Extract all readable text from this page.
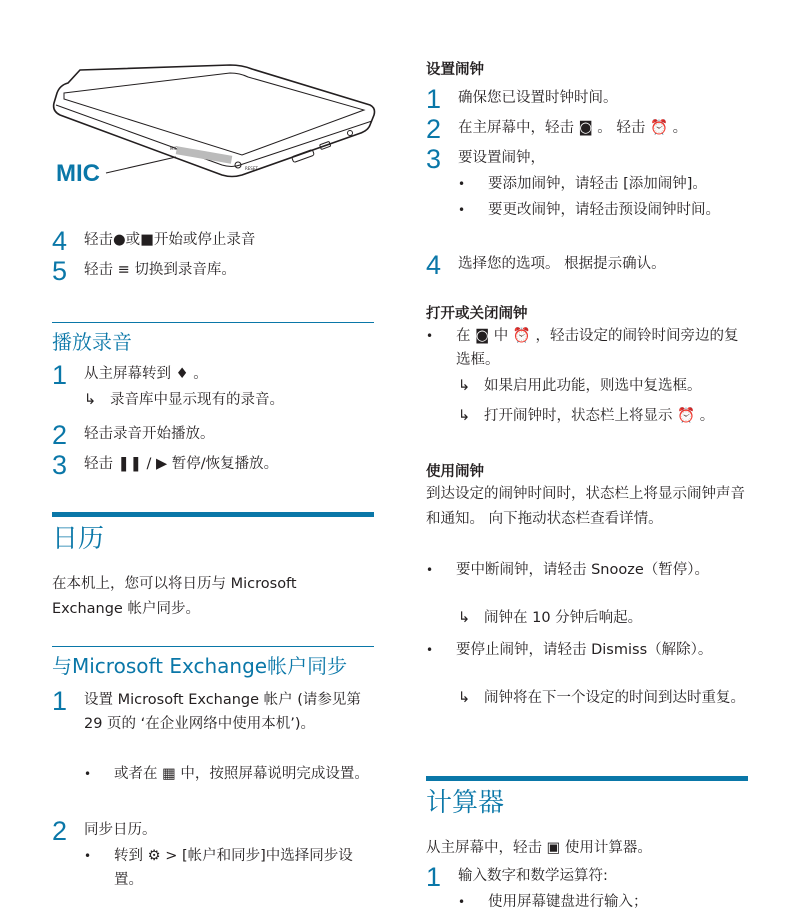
MIC
RESET
MIC
4	轻击●或■开始或停止录音
5	轻击 ≡ 切换到录音库。
播放录音
1	从主屏幕转到 ♦ 。
↳ 录音库中显示现有的录音。
2	轻击录音开始播放。
3	轻击 ❚❚ / ▶ 暂停/恢复播放。
日历
在本机上，您可以将日历与 Microsoft Exchange 帐户同步。
与Microsoft Exchange帐户同步
1	设置 Microsoft Exchange 帐户 (请参见第 29 页的 ‘在企业网络中使用本机’)。
•	或者在 ▦ 中，按照屏幕说明完成设置。
2	同步日历。
•	转到 ⚙ > [帐户和同步]中选择同步设置。
设置闹钟
1	确保您已设置时钟时间。
2	在主屏幕中，轻击 ◙ 。 轻击 ⏰ 。
3	要设置闹钟，
•	要添加闹钟，请轻击 [添加闹钟]。
•	要更改闹钟，请轻击预设闹钟时间。
4	选择您的选项。 根据提示确认。
打开或关闭闹钟
•	在 ◙ 中 ⏰ ，轻击设定的闹铃时间旁边的复选框。
↳ 如果启用此功能，则选中复选框。
↳ 打开闹钟时，状态栏上将显示 ⏰ 。
使用闹钟
到达设定的闹钟时间时，状态栏上将显示闹钟声音和通知。 向下拖动状态栏查看详情。
•	要中断闹钟，请轻击 Snooze（暂停）。
↳ 闹钟在 10 分钟后响起。
•	要停止闹钟，请轻击 Dismiss（解除）。
↳ 闹钟将在下一个设定的时间到达时重复。
计算器
从主屏幕中，轻击 ▣ 使用计算器。
1	输入数字和数学运算符:
•	使用屏幕键盘进行输入；
